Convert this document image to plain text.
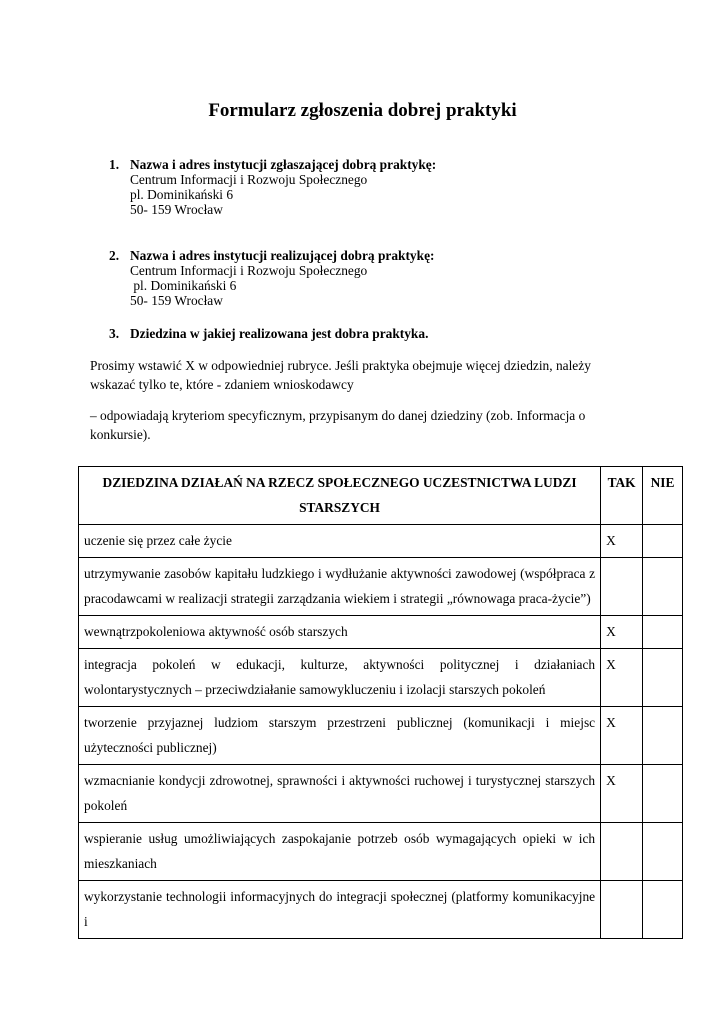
Formularz zgłoszenia dobrej praktyki
1. Nazwa i adres instytucji zgłaszającej dobrą praktykę:
Centrum Informacji i Rozwoju Społecznego
pl. Dominikański 6
50- 159 Wrocław
2. Nazwa i adres instytucji realizującej dobrą praktykę:
Centrum Informacji i Rozwoju Społecznego
pl. Dominikański 6
50- 159 Wrocław
3. Dziedzina w jakiej realizowana jest dobra praktyka.
Prosimy wstawić X w odpowiedniej rubryce. Jeśli praktyka obejmuje więcej dziedzin, należy wskazać tylko te, które - zdaniem wnioskodawcy
– odpowiadają kryteriom specyficznym, przypisanym do danej dziedziny (zob. Informacja o konkursie).
DZIEDZINA DZIAŁAŃ NA RZECZ SPOŁECZNEGO UCZESTNICTWA LUDZI STARSZYCH	TAK	NIE
uczenie się przez całe życie	X	
utrzymywanie zasobów kapitału ludzkiego i wydłużanie aktywności zawodowej (współpraca z pracodawcami w realizacji strategii zarządzania wiekiem i strategii „równowaga praca-życie”)		
wewnątrzpokoleniowa aktywność osób starszych	X	
integracja pokoleń w edukacji, kulturze, aktywności politycznej i działaniach wolontarystycznych – przeciwdziałanie samowykluczeniu i izolacji starszych pokoleń	X	
tworzenie przyjaznej ludziom starszym przestrzeni publicznej (komunikacji i miejsc użyteczności publicznej)	X	
wzmacnianie kondycji zdrowotnej, sprawności i aktywności ruchowej i turystycznej starszych pokoleń	X	
wspieranie usług umożliwiających zaspokajanie potrzeb osób wymagających opieki w ich mieszkaniach		
wykorzystanie technologii informacyjnych do integracji społecznej (platformy komunikacyjne i		
